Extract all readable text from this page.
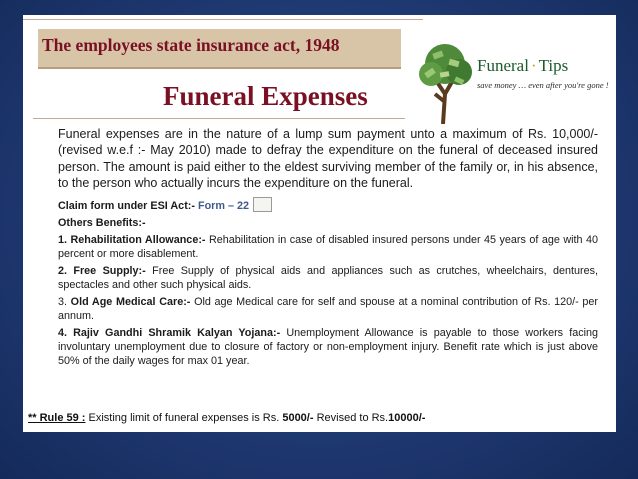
The employees state insurance act, 1948
Funeral Expenses
Funeral · Tips
save money … even after you're gone !

Funeral expenses are in the nature of a lump sum payment unto a maximum of Rs. 10,000/- (revised w.e.f :- May 2010) made to defray the expenditure on the funeral of deceased insured person. The amount is paid either to the eldest surviving member of the family or, in his absence, to the person who actually incurs the expenditure on the funeral.

Claim form under ESI Act:- Form – 22

Others Benefits:-

1. Rehabilitation Allowance:- Rehabilitation in case of disabled insured persons under 45 years of age with 40 percent or more disablement.

2. Free Supply:- Free Supply of physical aids and appliances such as crutches, wheelchairs, dentures, spectacles and other such physical aids.

3. Old Age Medical Care:- Old age Medical care for self and spouse at a nominal contribution of Rs. 120/- per annum.

4. Rajiv Gandhi Shramik Kalyan Yojana:- Unemployment Allowance is payable to those workers facing involuntary unemployment due to closure of factory or non-employment injury. Benefit rate which is just above 50% of the daily wages for max 01 year.

** Rule 59 : Existing limit of funeral expenses is Rs. 5000/- Revised to Rs.10000/-
